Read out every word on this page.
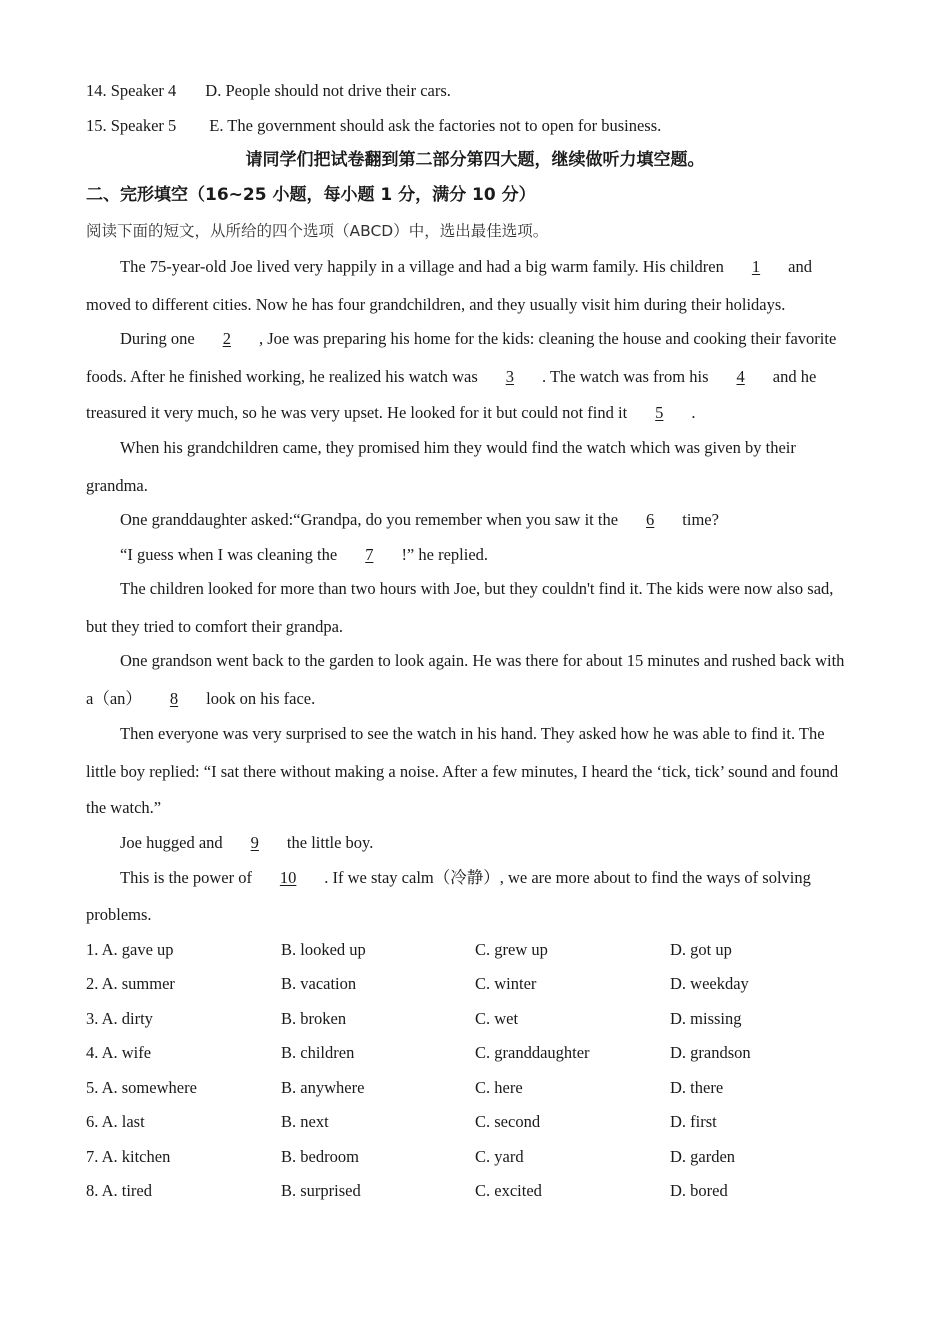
14. Speaker 4 D. People should not drive their cars.
15. Speaker 5 E. The government should ask the factories not to open for business.
请同学们把试卷翻到第二部分第四大题，继续做听力填空题。
二、完形填空（16~25 小题，每小题 1 分，满分 10 分）
阅读下面的短文，从所给的四个选项（ABCD）中，选出最佳选项。
The 75-year-old Joe lived very happily in a village and had a big warm family. His children 1 and
moved to different cities. Now he has four grandchildren, and they usually visit him during their holidays.
During one 2 , Joe was preparing his home for the kids: cleaning the house and cooking their favorite
foods. After he finished working, he realized his watch was 3 . The watch was from his 4 and he
treasured it very much, so he was very upset. He looked for it but could not find it 5 .
When his grandchildren came, they promised him they would find the watch which was given by their
grandma.
One granddaughter asked:“Grandpa, do you remember when you saw it the 6 time?
“I guess when I was cleaning the 7 !” he replied.
The children looked for more than two hours with Joe, but they couldn't find it. The kids were now also sad,
but they tried to comfort their grandpa.
One grandson went back to the garden to look again. He was there for about 15 minutes and rushed back with
a（an） 8 look on his face.
Then everyone was very surprised to see the watch in his hand. They asked how he was able to find it. The
little boy replied: “I sat there without making a noise. After a few minutes, I heard the ‘tick, tick’ sound and found
the watch.”
Joe hugged and 9 the little boy.
This is the power of 10 . If we stay calm（冷静）, we are more about to find the ways of solving
problems.
1. A. gave up	B. looked up	C. grew up	D. got up
2. A. summer	B. vacation	C. winter	D. weekday
3. A. dirty	B. broken	C. wet	D. missing
4. A. wife	B. children	C. granddaughter	D. grandson
5. A. somewhere	B. anywhere	C. here	D. there
6. A. last	B. next	C. second	D. first
7. A. kitchen	B. bedroom	C. yard	D. garden
8. A. tired	B. surprised	C. excited	D. bored
